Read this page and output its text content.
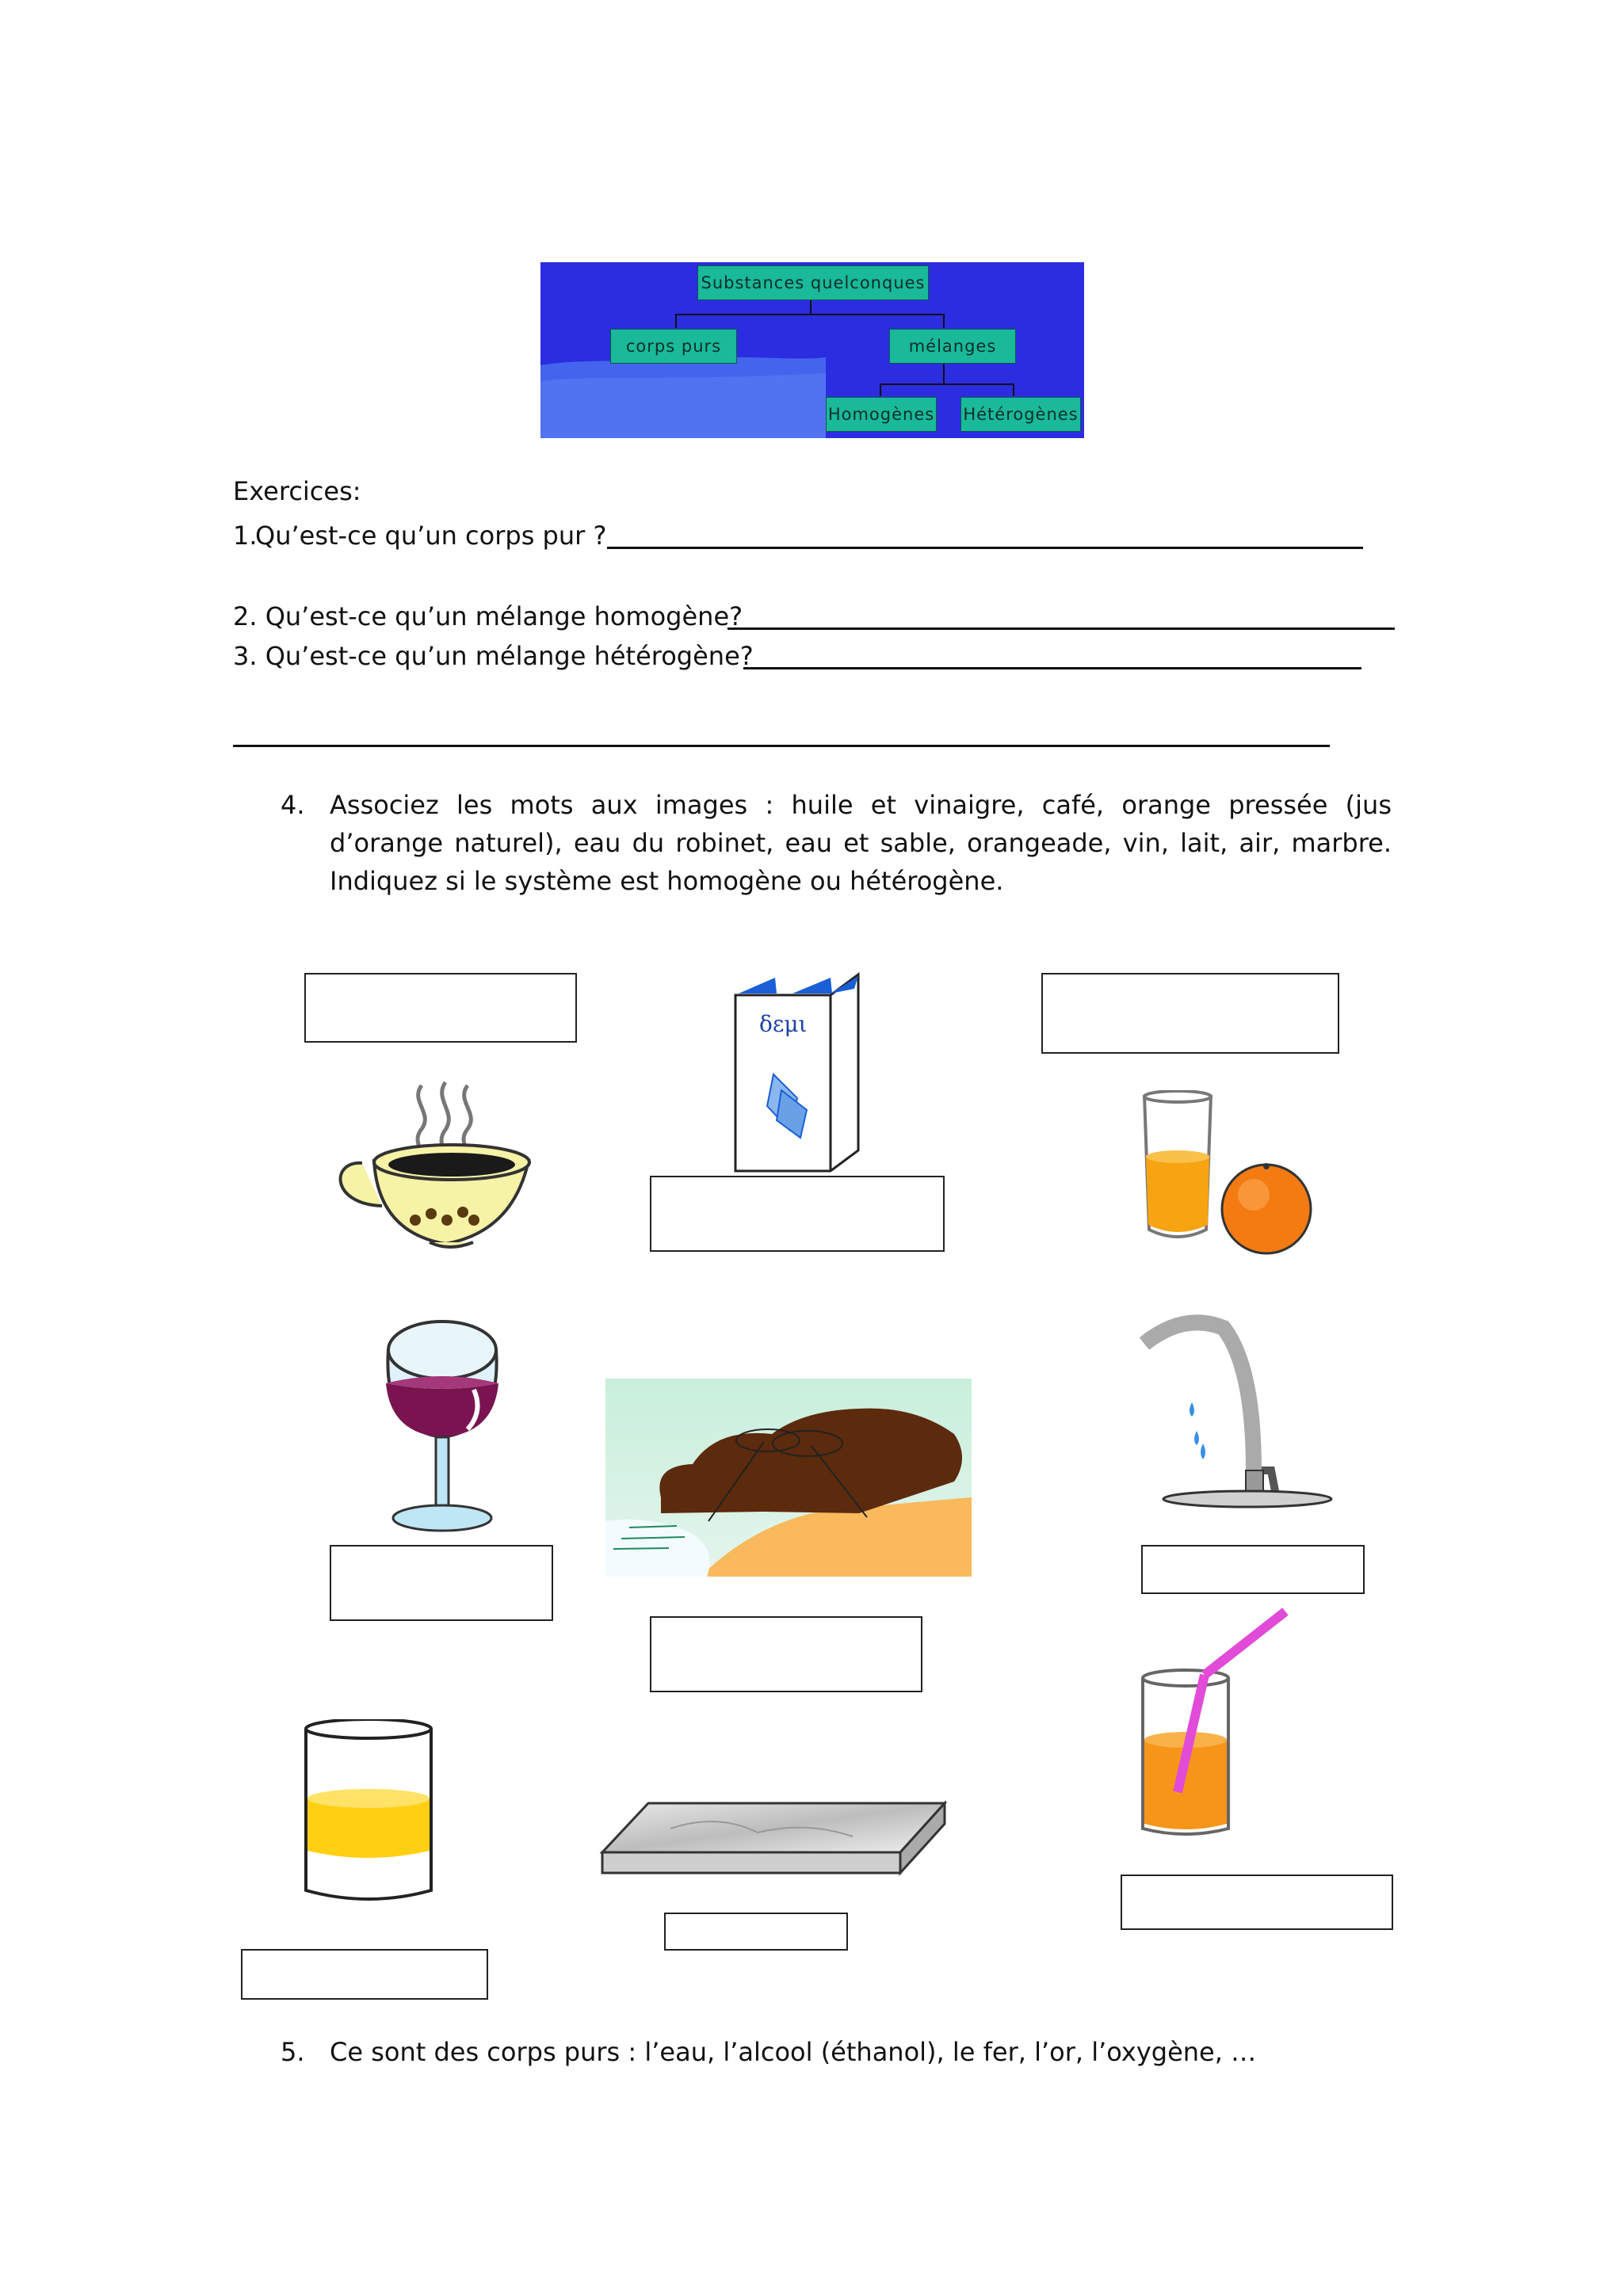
Substances quelconques
corps purs	mélanges
Homogènes Hétérogènes
Exercices:
1.
Qu’est-ce qu’un corps pur ?
2. Qu’est-ce qu’un mélange homogène?
3. Qu’est-ce qu’un mélange hétérogène?
4. Associez les mots aux images : huile et vinaigre, café, orange pressée (jus d’orange naturel), eau du robinet, eau et sable, orangeade, vin, lait, air, marbre. Indiquez si le système est homogène ou hétérogène.
δεμι
5. Ce sont des corps purs : l’eau, l’alcool (éthanol), le fer, l’or, l’oxygène, …
